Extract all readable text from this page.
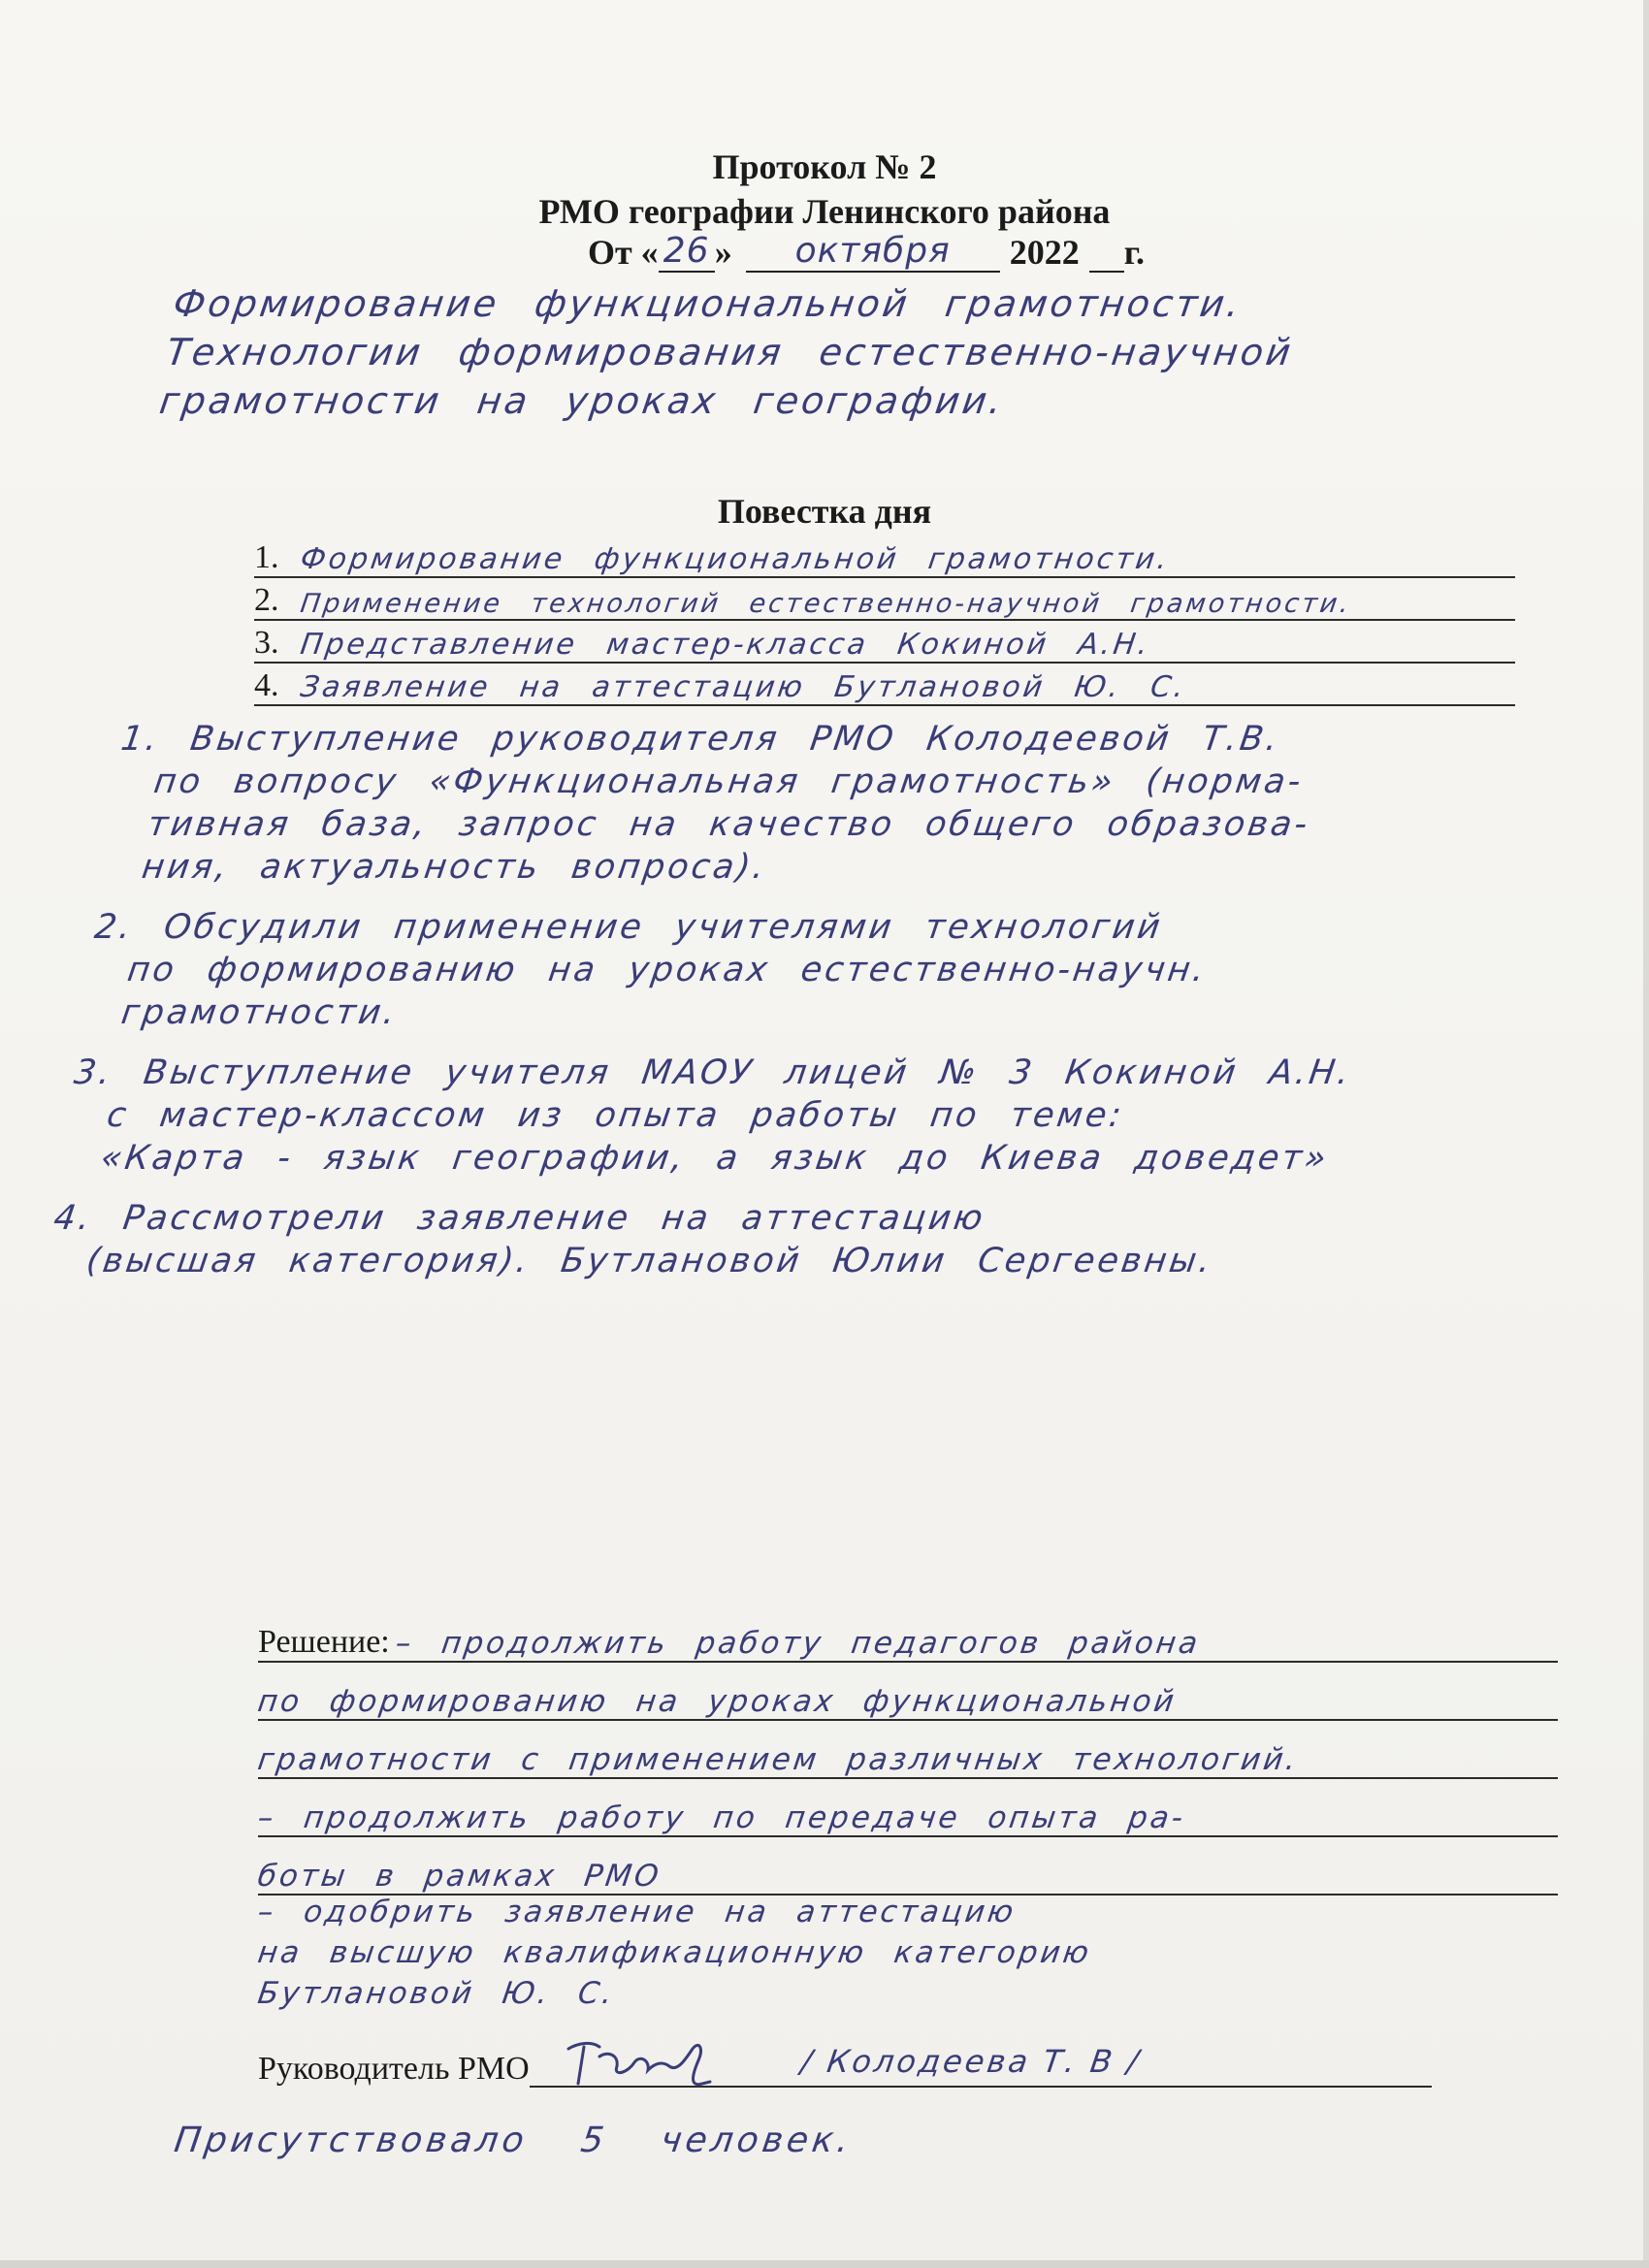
Протокол № 2
РМО географии Ленинского района
От « 26 »	октября	2022 г.
Формирование функциональной грамотности.
Технологии формирования естественно-научной
грамотности на уроках географии.
Повестка дня
1. Формирование функциональной грамотности.
2. Применение технологий естественно-научной грамотности.
3. Представление мастер-класса Кокиной А.Н.
4. Заявление на аттестацию Бутлановой Ю. С.
1. Выступление руководителя РМО Колодеевой Т.В.
по вопросу «Функциональная грамотность» (норма-
тивная база, запрос на качество общего образова-
ния, актуальность вопроса).
2. Обсудили применение учителями технологий
по формированию на уроках естественно-научн.
грамотности.
3. Выступление учителя МАОУ лицей № 3 Кокиной А.Н.
с мастер-классом из опыта работы по теме:
«Карта - язык географии, а язык до Киева доведет»
4. Рассмотрели заявление на аттестацию
(высшая категория). Бутлановой Юлии Сергеевны.
Решение: – продолжить работу педагогов района
по формированию на уроках функциональной
грамотности с применением различных технологий.
– продолжить работу по передаче опыта ра-
боты в рамках РМО
– одобрить заявление на аттестацию
на высшую квалификационную категорию
Бутлановой Ю. С.
Руководитель РМО	/ Колодеева Т. В /
Присутствовало 5 человек.
